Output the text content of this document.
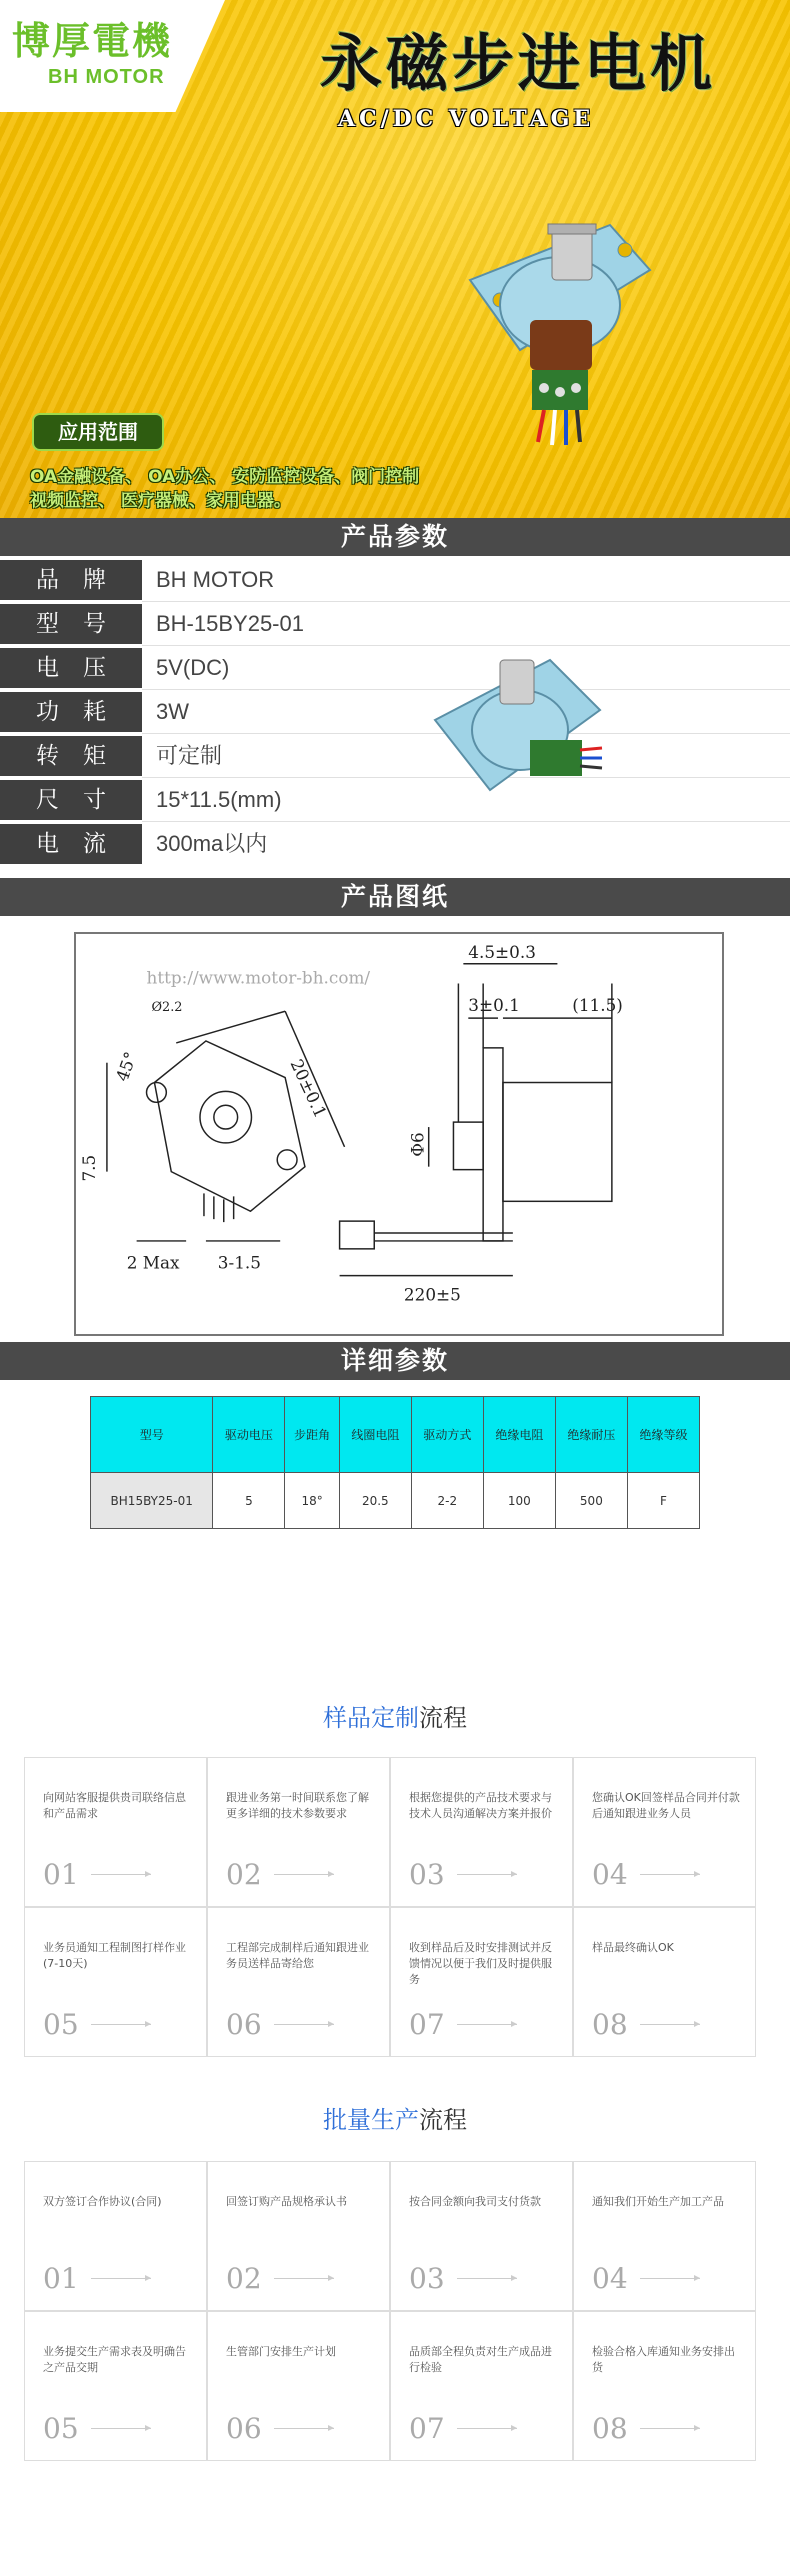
博厚電機
BH MOTOR	永磁步进电机
AC/DC VOLTAGE
应用范围
OA金融设备、 OA办公、 安防监控设备、阀门控制
视频监控、 医疗器械、家用电器。
产品参数
品牌	BH MOTOR
型号	BH-15BY25-01
电压	5V(DC)
功耗	3W
转矩	可定制
尺寸	15*11.5(mm)
电流	300ma以内
产品图纸
http://www.motor-bh.com/
Ø2.2
20±0.1
45°
7.5
2 Max 3-1.5
4.5±0.3
3±0.1	(11.5)
Φ6
220±5
详细参数
型号	驱动电压	步距角	线圈电阻	驱动方式	绝缘电阻	绝缘耐压	绝缘等级
BH15BY25-01	5	18°	20.5	2-2	100	500	F
样品定制流程
向网站客服提供贵司联络信息和产品需求
01
跟进业务第一时间联系您了解更多详细的技术参数要求
02
根据您提供的产品技术要求与技术人员沟通解决方案并报价
03
您确认OK回签样品合同并付款后通知跟进业务人员
04
业务员通知工程制图打样作业(7-10天)
05
工程部完成制样后通知跟进业务员送样品寄给您
06
收到样品后及时安排测试并反馈情况以便于我们及时提供服务
07
样品最终确认OK
08
批量生产流程
双方签订合作协议(合同)
01
回签订购产品规格承认书
02
按合同金额向我司支付货款
03
通知我们开始生产加工产品
04
业务提交生产需求表及明确告之产品交期
05
生管部门安排生产计划
06
品质部全程负责对生产成品进行检验
07
检验合格入库通知业务安排出货
08
